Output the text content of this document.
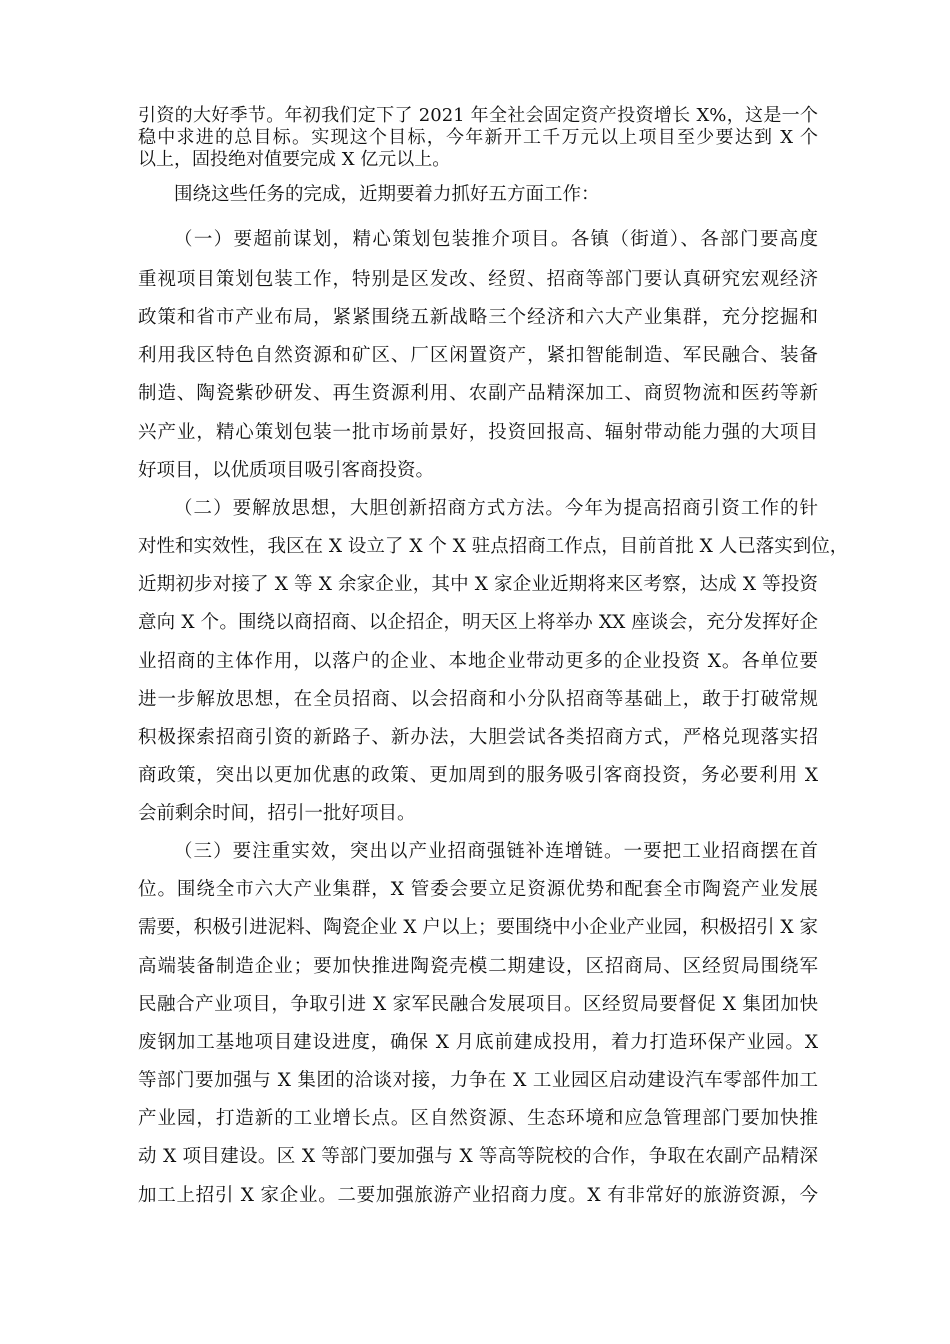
引资的大好季节。年初我们定下了 2021 年全社会固定资产投资增长 X%，这是一个
稳中求进的总目标。实现这个目标，今年新开工千万元以上项目至少要达到 X 个
以上，固投绝对值要完成 X 亿元以上。
围绕这些任务的完成，近期要着力抓好五方面工作：
（一）要超前谋划，精心策划包装推介项目。各镇（街道）、各部门要高度
重视项目策划包装工作，特别是区发改、经贸、招商等部门要认真研究宏观经济
政策和省市产业布局，紧紧围绕五新战略三个经济和六大产业集群，充分挖掘和
利用我区特色自然资源和矿区、厂区闲置资产，紧扣智能制造、军民融合、装备
制造、陶瓷紫砂研发、再生资源利用、农副产品精深加工、商贸物流和医药等新
兴产业，精心策划包装一批市场前景好，投资回报高、辐射带动能力强的大项目
好项目，以优质项目吸引客商投资。
（二）要解放思想，大胆创新招商方式方法。今年为提高招商引资工作的针
对性和实效性，我区在 X 设立了 X 个 X 驻点招商工作点，目前首批 X 人已落实到位，
近期初步对接了 X 等 X 余家企业，其中 X 家企业近期将来区考察，达成 X 等投资
意向 X 个。围绕以商招商、以企招企，明天区上将举办 XX 座谈会，充分发挥好企
业招商的主体作用，以落户的企业、本地企业带动更多的企业投资 X。各单位要
进一步解放思想，在全员招商、以会招商和小分队招商等基础上，敢于打破常规
积极探索招商引资的新路子、新办法，大胆尝试各类招商方式，严格兑现落实招
商政策，突出以更加优惠的政策、更加周到的服务吸引客商投资，务必要利用 X
会前剩余时间，招引一批好项目。
（三）要注重实效，突出以产业招商强链补连增链。一要把工业招商摆在首
位。围绕全市六大产业集群，X 管委会要立足资源优势和配套全市陶瓷产业发展
需要，积极引进泥料、陶瓷企业 X 户以上；要围绕中小企业产业园，积极招引 X 家
高端装备制造企业；要加快推进陶瓷壳模二期建设，区招商局、区经贸局围绕军
民融合产业项目，争取引进 X 家军民融合发展项目。区经贸局要督促 X 集团加快
废钢加工基地项目建设进度，确保 X 月底前建成投用，着力打造环保产业园。X
等部门要加强与 X 集团的洽谈对接，力争在 X 工业园区启动建设汽车零部件加工
产业园，打造新的工业增长点。区自然资源、生态环境和应急管理部门要加快推
动 X 项目建设。区 X 等部门要加强与 X 等高等院校的合作，争取在农副产品精深
加工上招引 X 家企业。二要加强旅游产业招商力度。X 有非常好的旅游资源，今
